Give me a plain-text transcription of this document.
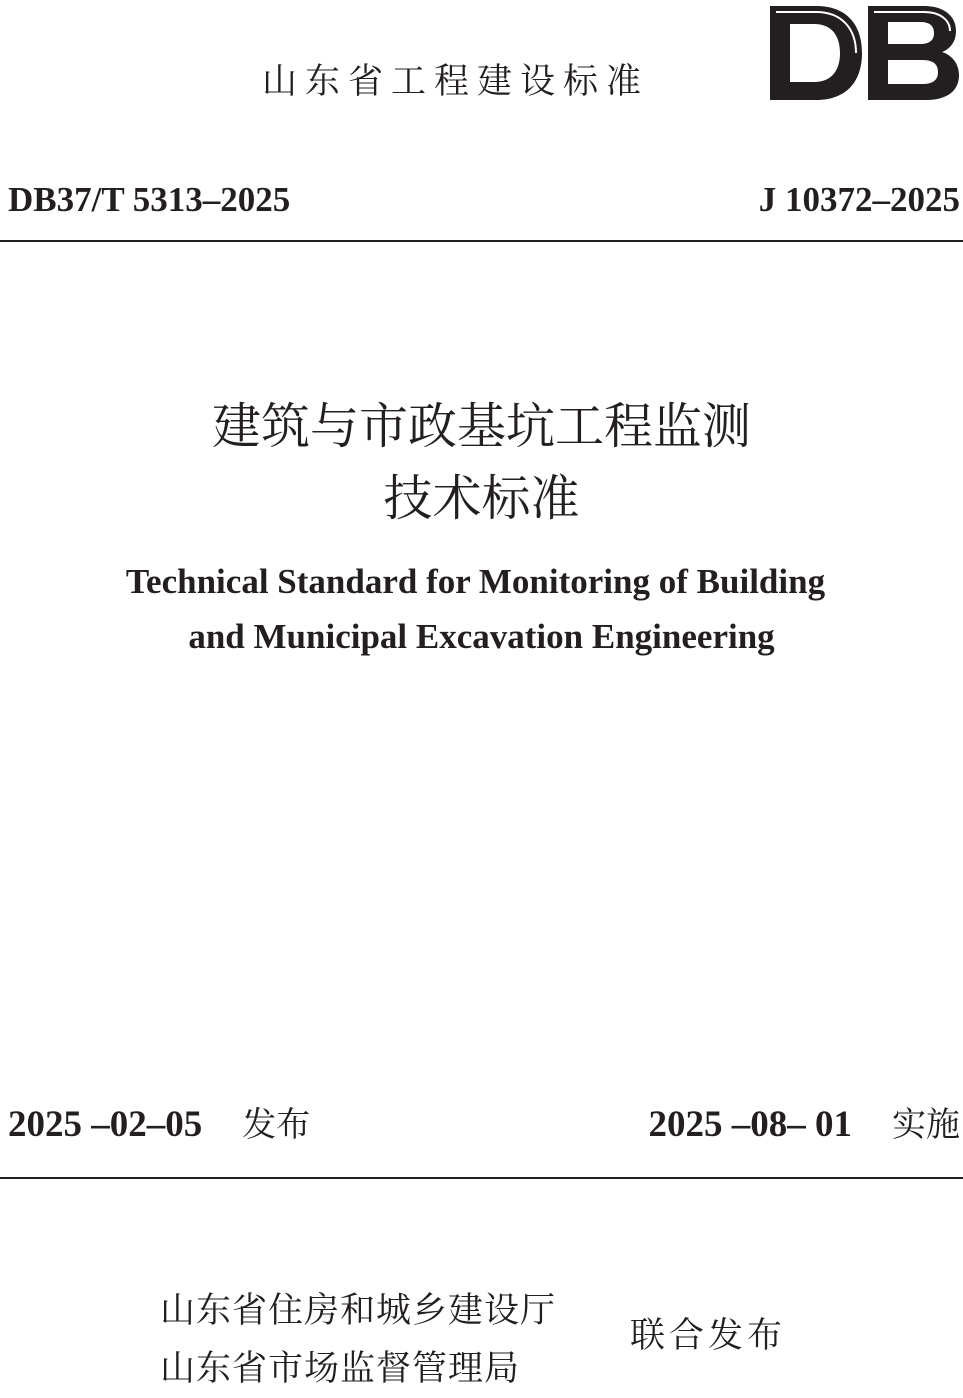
山东省工程建设标准
DB37/T 5313–2025	J 10372–2025
建筑与市政基坑工程监测
技术标准
Technical Standard for Monitoring of Building
and Municipal Excavation Engineering
2025 –02–05 发布	2025 –08– 01 实施
山东省住房和城乡建设厅
山东省市场监督管理局
联合发布
